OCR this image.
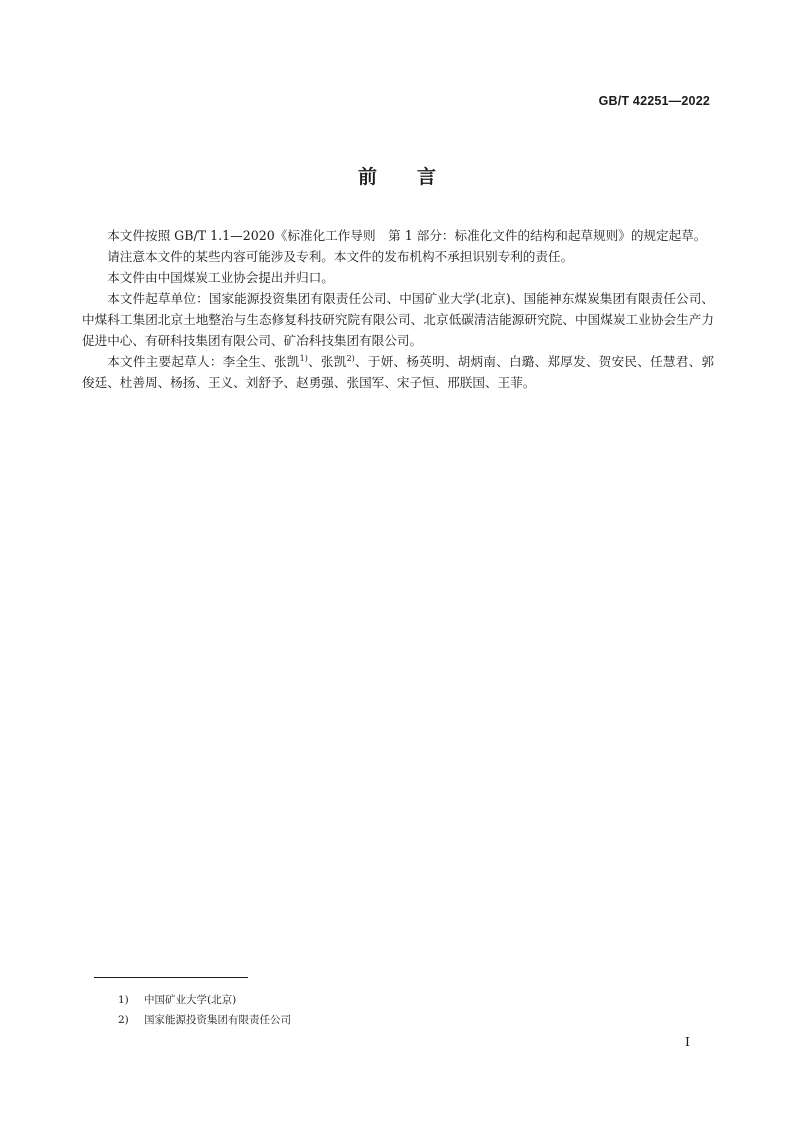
GB/T 42251—2022
前 言

本文件按照 GB/T 1.1—2020《标准化工作导则　第 1 部分：标准化文件的结构和起草规则》的规定起草。

请注意本文件的某些内容可能涉及专利。本文件的发布机构不承担识别专利的责任。

本文件由中国煤炭工业协会提出并归口。

本文件起草单位：国家能源投资集团有限责任公司、中国矿业大学(北京)、国能神东煤炭集团有限责任公司、中煤科工集团北京土地整治与生态修复科技研究院有限公司、北京低碳清洁能源研究院、中国煤炭工业协会生产力促进中心、有研科技集团有限公司、矿冶科技集团有限公司。

本文件主要起草人：李全生、张凯$^{1)}$、张凯$^{2)}$、于妍、杨英明、胡炳南、白璐、郑厚发、贺安民、任慧君、郭俊廷、杜善周、杨扬、王义、刘舒予、赵勇强、张国军、宋子恒、邢朕国、王菲。

1) 中国矿业大学(北京)
2) 国家能源投资集团有限责任公司
I
